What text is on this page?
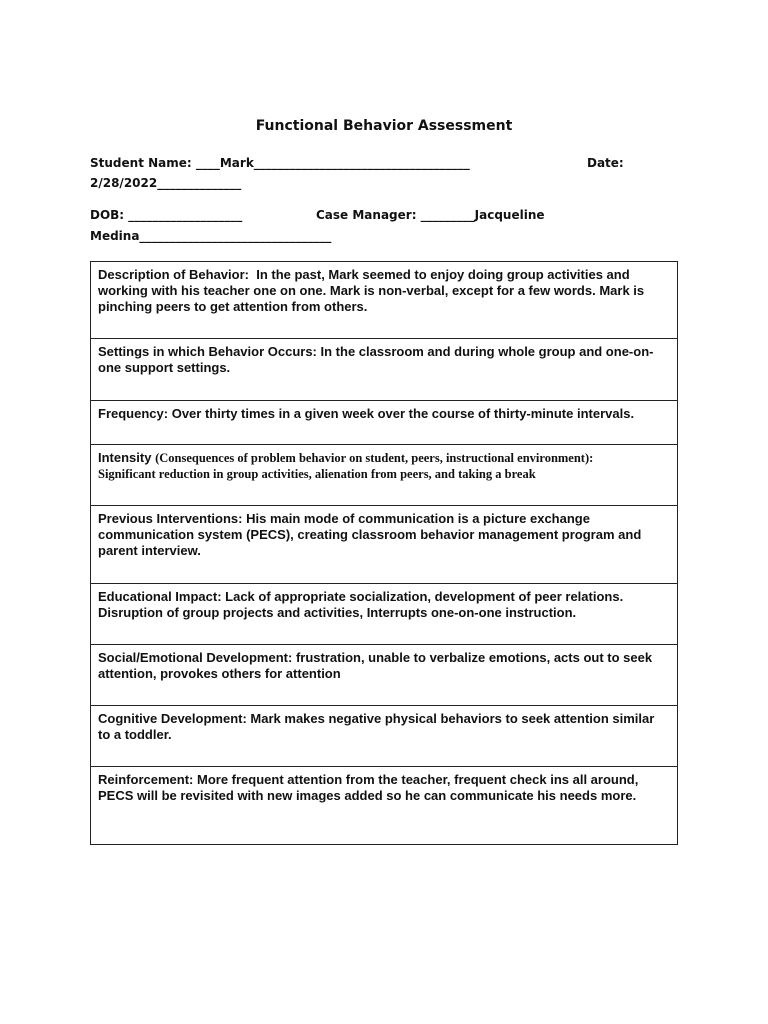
Functional Behavior Assessment
Student Name: ____Mark____________________________________	Date:
2/28/2022______________
DOB: ___________________	Case Manager: _________Jacqueline
Medina________________________________
Description of Behavior: In the past, Mark seemed to enjoy doing group activities and working with his teacher one on one. Mark is non-verbal, except for a few words. Mark is pinching peers to get attention from others.
Settings in which Behavior Occurs: In the classroom and during whole group and one-on-one support settings.
Frequency: Over thirty times in a given week over the course of thirty-minute intervals.
Intensity (Consequences of problem behavior on student, peers, instructional environment):
Significant reduction in group activities, alienation from peers, and taking a break
Previous Interventions: His main mode of communication is a picture exchange communication system (PECS), creating classroom behavior management program and parent interview.
Educational Impact: Lack of appropriate socialization, development of peer relations. Disruption of group projects and activities, Interrupts one-on-one instruction.
Social/Emotional Development: frustration, unable to verbalize emotions, acts out to seek attention, provokes others for attention
Cognitive Development: Mark makes negative physical behaviors to seek attention similar to a toddler.
Reinforcement: More frequent attention from the teacher, frequent check ins all around, PECS will be revisited with new images added so he can communicate his needs more.
